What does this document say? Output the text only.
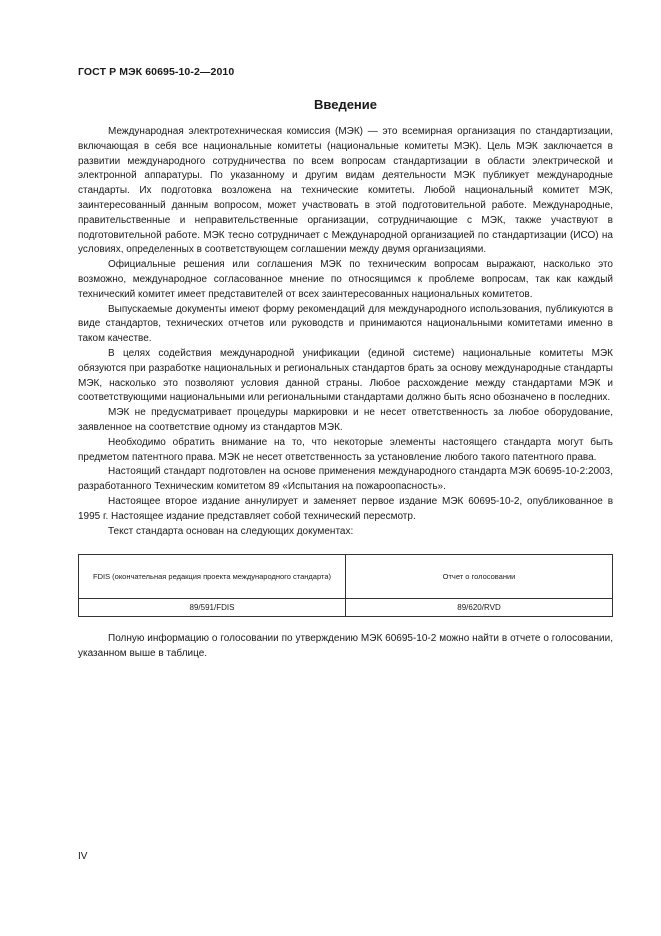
ГОСТ Р МЭК 60695-10-2—2010
Введение

Международная электротехническая комиссия (МЭК) — это всемирная организация по стандартизации, включающая в себя все национальные комитеты (национальные комитеты МЭК). Цель МЭК заключается в развитии международного сотрудничества по всем вопросам стандартизации в области электрической и электронной аппаратуры. По указанному и другим видам деятельности МЭК публикует международные стандарты. Их подготовка возложена на технические комитеты. Любой национальный комитет МЭК, заинтересованный данным вопросом, может участвовать в этой подготовительной работе. Международные, правительственные и неправительственные организации, сотрудничающие с МЭК, также участвуют в подготовительной работе. МЭК тесно сотрудничает с Международной организацией по стандартизации (ИСО) на условиях, определенных в соответствующем соглашении между двумя организациями.

Официальные решения или соглашения МЭК по техническим вопросам выражают, насколько это возможно, международное согласованное мнение по относящимся к проблеме вопросам, так как каждый технический комитет имеет представителей от всех заинтересованных национальных комитетов.

Выпускаемые документы имеют форму рекомендаций для международного использования, публикуются в виде стандартов, технических отчетов или руководств и принимаются национальными комитетами именно в таком качестве.

В целях содействия международной унификации (единой системе) национальные комитеты МЭК обязуются при разработке национальных и региональных стандартов брать за основу международные стандарты МЭК, насколько это позволяют условия данной страны. Любое расхождение между стандартами МЭК и соответствующими национальными или региональными стандартами должно быть ясно обозначено в последних.

МЭК не предусматривает процедуры маркировки и не несет ответственность за любое оборудование, заявленное на соответствие одному из стандартов МЭК.

Необходимо обратить внимание на то, что некоторые элементы настоящего стандарта могут быть предметом патентного права. МЭК не несет ответственность за установление любого такого патентного права.

Настоящий стандарт подготовлен на основе применения международного стандарта МЭК 60695-10-2:2003, разработанного Техническим комитетом 89 «Испытания на пожароопасность».

Настоящее второе издание аннулирует и заменяет первое издание МЭК 60695-10-2, опубликованное в 1995 г. Настоящее издание представляет собой технический пересмотр.

Текст стандарта основан на следующих документах:

FDIS (окончательная редакция проекта международного стандарта)	Отчет о голосовании
89/591/FDIS	89/620/RVD

Полную информацию о голосовании по утверждению МЭК 60695-10-2 можно найти в отчете о голосовании, указанном выше в таблице.

IV
